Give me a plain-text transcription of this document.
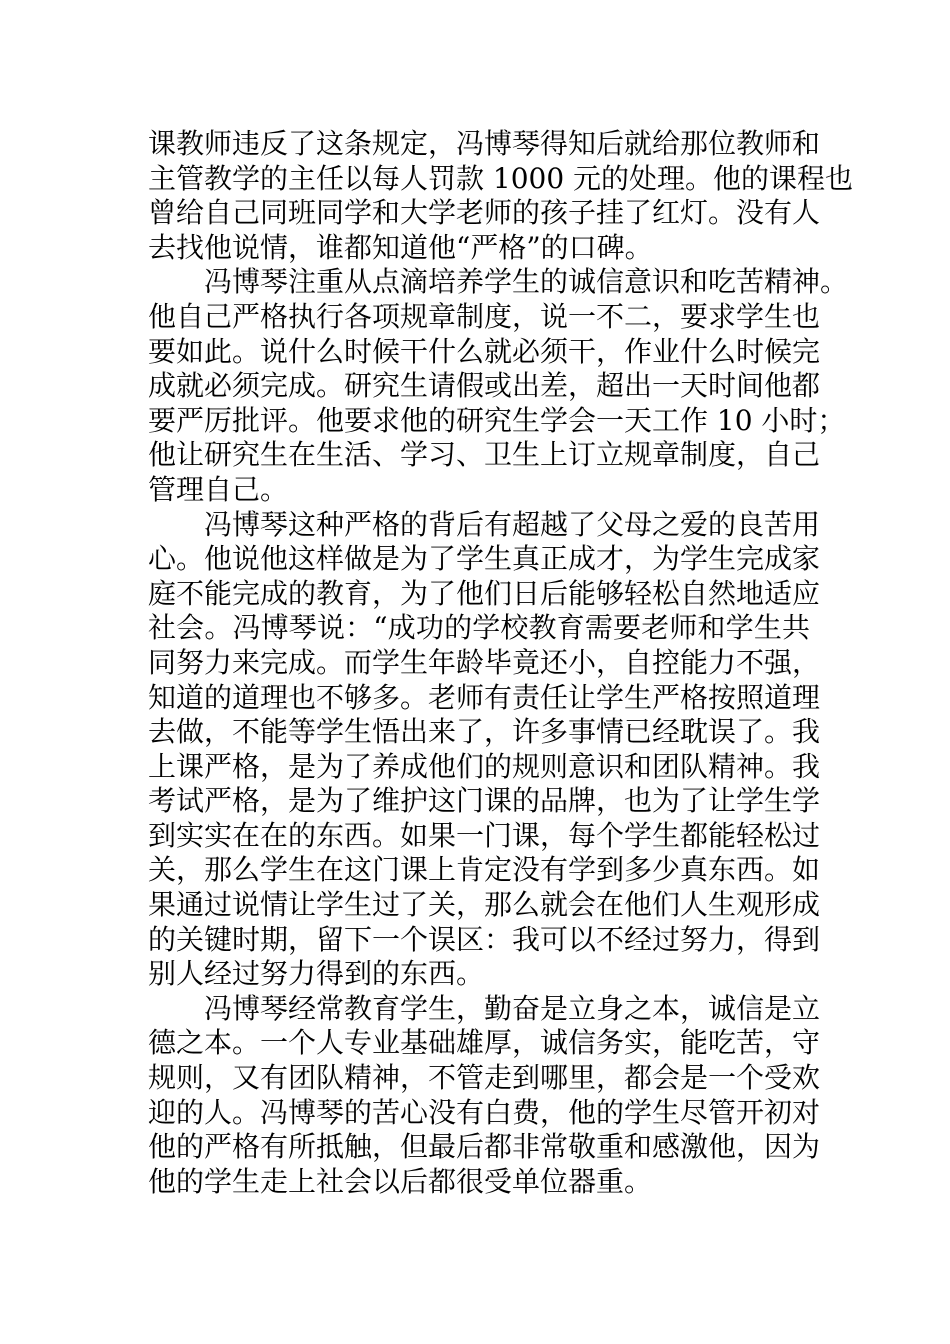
课教师违反了这条规定，冯博琴得知后就给那位教师和
主管教学的主任以每人罚款 1000 元的处理。他的课程也
曾给自己同班同学和大学老师的孩子挂了红灯。没有人
去找他说情，谁都知道他“严格”的口碑。
冯博琴注重从点滴培养学生的诚信意识和吃苦精神。
他自己严格执行各项规章制度，说一不二，要求学生也
要如此。说什么时候干什么就必须干，作业什么时候完
成就必须完成。研究生请假或出差，超出一天时间他都
要严厉批评。他要求他的研究生学会一天工作 10 小时；
他让研究生在生活、学习、卫生上订立规章制度，自己
管理自己。
冯博琴这种严格的背后有超越了父母之爱的良苦用
心。他说他这样做是为了学生真正成才，为学生完成家
庭不能完成的教育，为了他们日后能够轻松自然地适应
社会。冯博琴说：“成功的学校教育需要老师和学生共
同努力来完成。而学生年龄毕竟还小，自控能力不强，
知道的道理也不够多。老师有责任让学生严格按照道理
去做，不能等学生悟出来了，许多事情已经耽误了。我
上课严格，是为了养成他们的规则意识和团队精神。我
考试严格，是为了维护这门课的品牌，也为了让学生学
到实实在在的东西。如果一门课，每个学生都能轻松过
关，那么学生在这门课上肯定没有学到多少真东西。如
果通过说情让学生过了关，那么就会在他们人生观形成
的关键时期，留下一个误区：我可以不经过努力，得到
别人经过努力得到的东西。
冯博琴经常教育学生，勤奋是立身之本，诚信是立
德之本。一个人专业基础雄厚，诚信务实，能吃苦，守
规则，又有团队精神，不管走到哪里，都会是一个受欢
迎的人。冯博琴的苦心没有白费，他的学生尽管开初对
他的严格有所抵触，但最后都非常敬重和感激他，因为
他的学生走上社会以后都很受单位器重。
